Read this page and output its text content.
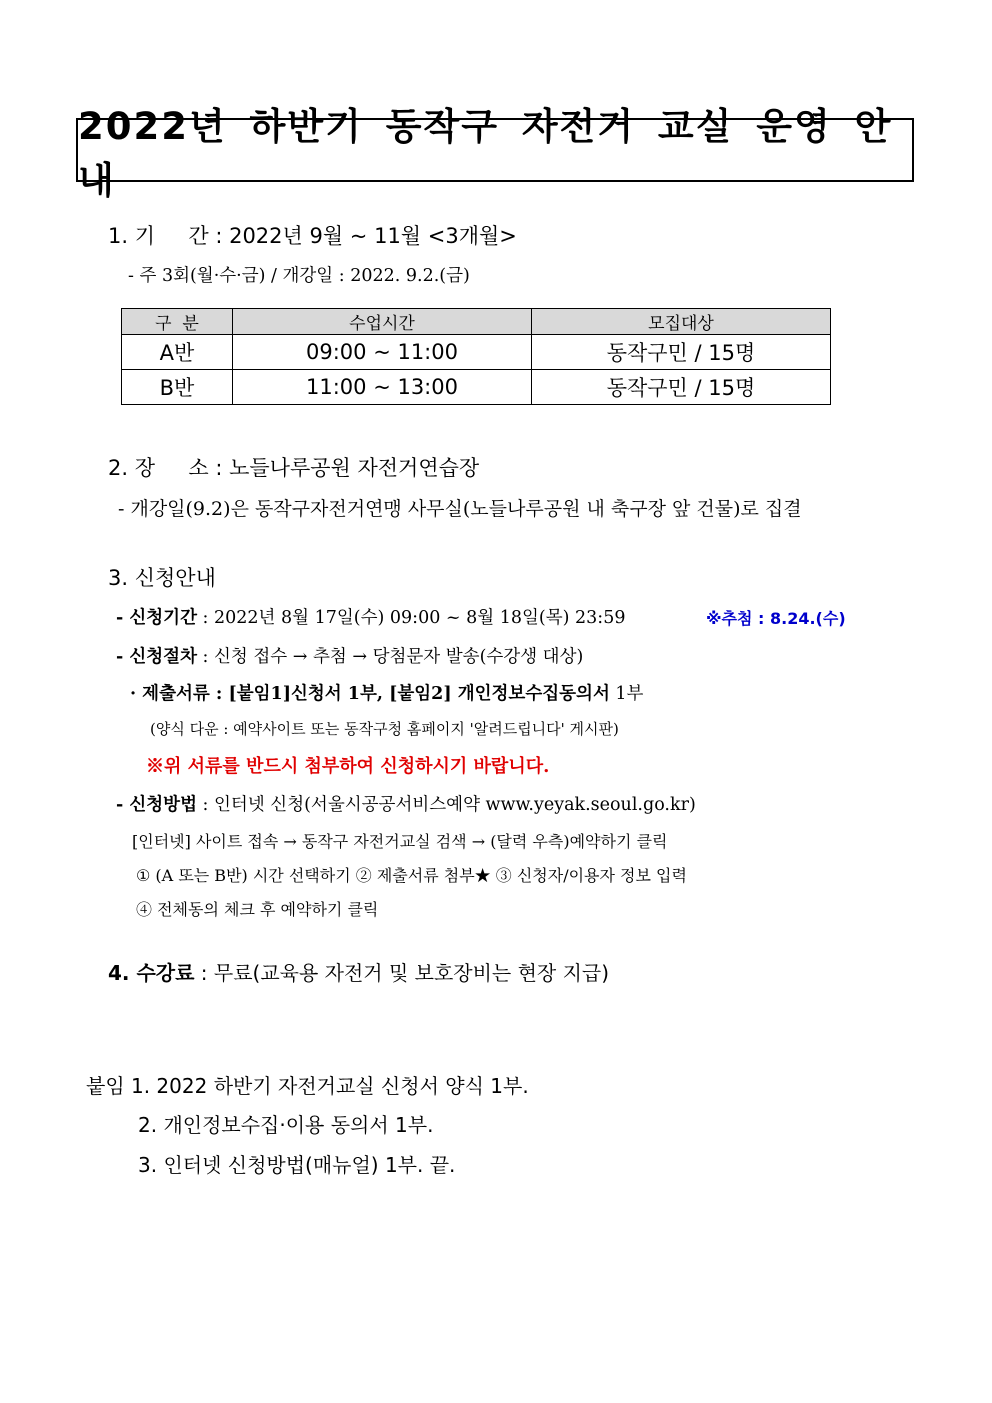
2022년 하반기 동작구 자전거 교실 운영 안내
1. 기     간 : 2022년 9월 ~ 11월 <3개월>
- 주 3회(월·수·금) / 개강일 : 2022. 9.2.(금)
구  분	수업시간	모집대상
A반	09:00 ~ 11:00	동작구민 / 15명
B반	11:00 ~ 13:00	동작구민 / 15명
2. 장     소 : 노들나루공원 자전거연습장
- 개강일(9.2)은 동작구자전거연맹 사무실(노들나루공원 내 축구장 앞 건물)로 집결
3. 신청안내
- 신청기간 : 2022년 8월 17일(수) 09:00 ~ 8월 18일(목) 23:59	※추첨 : 8.24.(수)
- 신청절차 : 신청 접수 → 추첨 → 당첨문자 발송(수강생 대상)
· 제출서류 : [붙임1]신청서 1부, [붙임2] 개인정보수집동의서 1부
(양식 다운 : 예약사이트 또는 동작구청 홈페이지 '알려드립니다' 게시판)
※위 서류를 반드시 첨부하여 신청하시기 바랍니다.
- 신청방법 : 인터넷 신청(서울시공공서비스예약 www.yeyak.seoul.go.kr)
[인터넷] 사이트 접속 → 동작구 자전거교실 검색 → (달력 우측)예약하기 클릭
① (A 또는 B반) 시간 선택하기 ② 제출서류 첨부★ ③ 신청자/이용자 정보 입력
④ 전체동의 체크 후 예약하기 클릭
4. 수강료 : 무료(교육용 자전거 및 보호장비는 현장 지급)
붙임 1. 2022 하반기 자전거교실 신청서 양식 1부.
2. 개인정보수집·이용 동의서 1부.
3. 인터넷 신청방법(매뉴얼) 1부. 끝.
